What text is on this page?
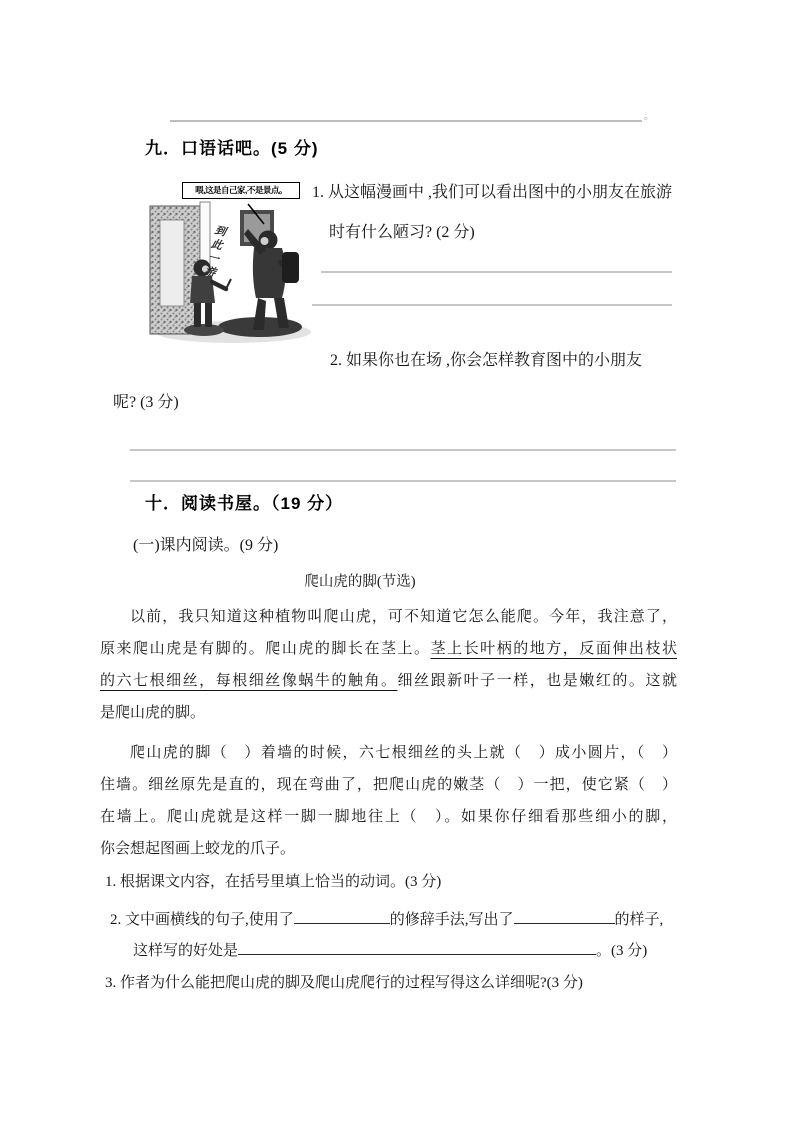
。
九．口语话吧。(5 分)
喂,这是自己家,不是景点。
到此一游
1. 从这幅漫画中 ,我们可以看出图中的小朋友在旅游
时有什么陋习? (2 分)
2. 如果你也在场 ,你会怎样教育图中的小朋友
呢? (3 分)
十．阅读书屋。（19 分）
(一)课内阅读。(9 分)
爬山虎的脚(节选)
以前，我只知道这种植物叫爬山虎，可不知道它怎么能爬。今年，我注意了，
原来爬山虎是有脚的。爬山虎的脚长在茎上。茎上长叶柄的地方，反面伸出枝状
的六七根细丝，每根细丝像蜗牛的触角。细丝跟新叶子一样，也是嫩红的。这就
是爬山虎的脚。
爬山虎的脚（　）着墙的时候，六七根细丝的头上就（　）成小圆片，（　）
住墙。细丝原先是直的，现在弯曲了，把爬山虎的嫩茎（　）一把，使它紧（　）
在墙上。爬山虎就是这样一脚一脚地往上（　）。如果你仔细看那些细小的脚，
你会想起图画上蛟龙的爪子。
1. 根据课文内容，在括号里填上恰当的动词。(3 分)
2. 文中画横线的句子,使用了	的修辞手法,写出了	的样子,
这样写的好处是	。(3 分)
3. 作者为什么能把爬山虎的脚及爬山虎爬行的过程写得这么详细呢?(3 分)
